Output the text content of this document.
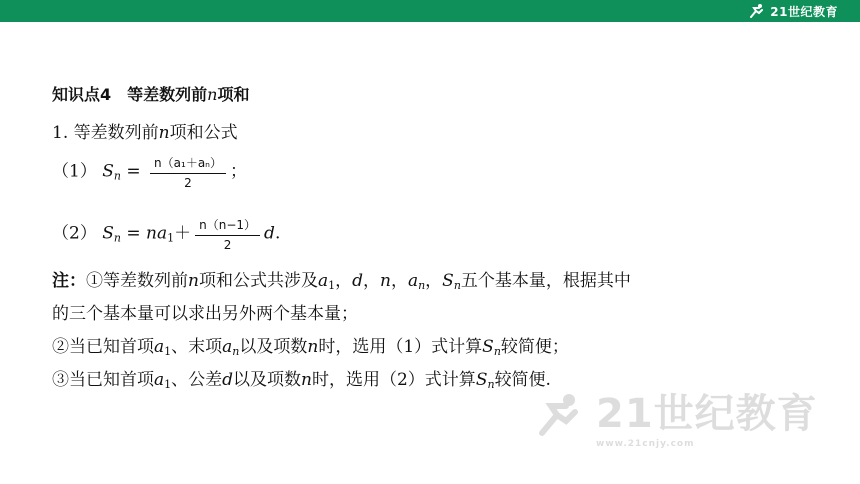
21世纪教育
21世纪教育
www.21cnjy.com
知识点4　等差数列前n项和
1. 等差数列前n项和公式
（1） $S_n = \frac{\text{n（a₁＋aₙ）}}{2}$ ；
（2） $S_n = na_1+ \frac{n(n-1)}{2} d$.
注：①等差数列前n项和公式共涉及$a_1$，d，n，$a_n$，$S_n$五个基本量，根据其中
的三个基本量可以求出另外两个基本量；
②当已知首项$a_1$、末项$a_n$以及项数n时，选用（1）式计算$S_n$较简便；
③当已知首项$a_1$、公差d以及项数n时，选用（2）式计算$S_n$较简便.
